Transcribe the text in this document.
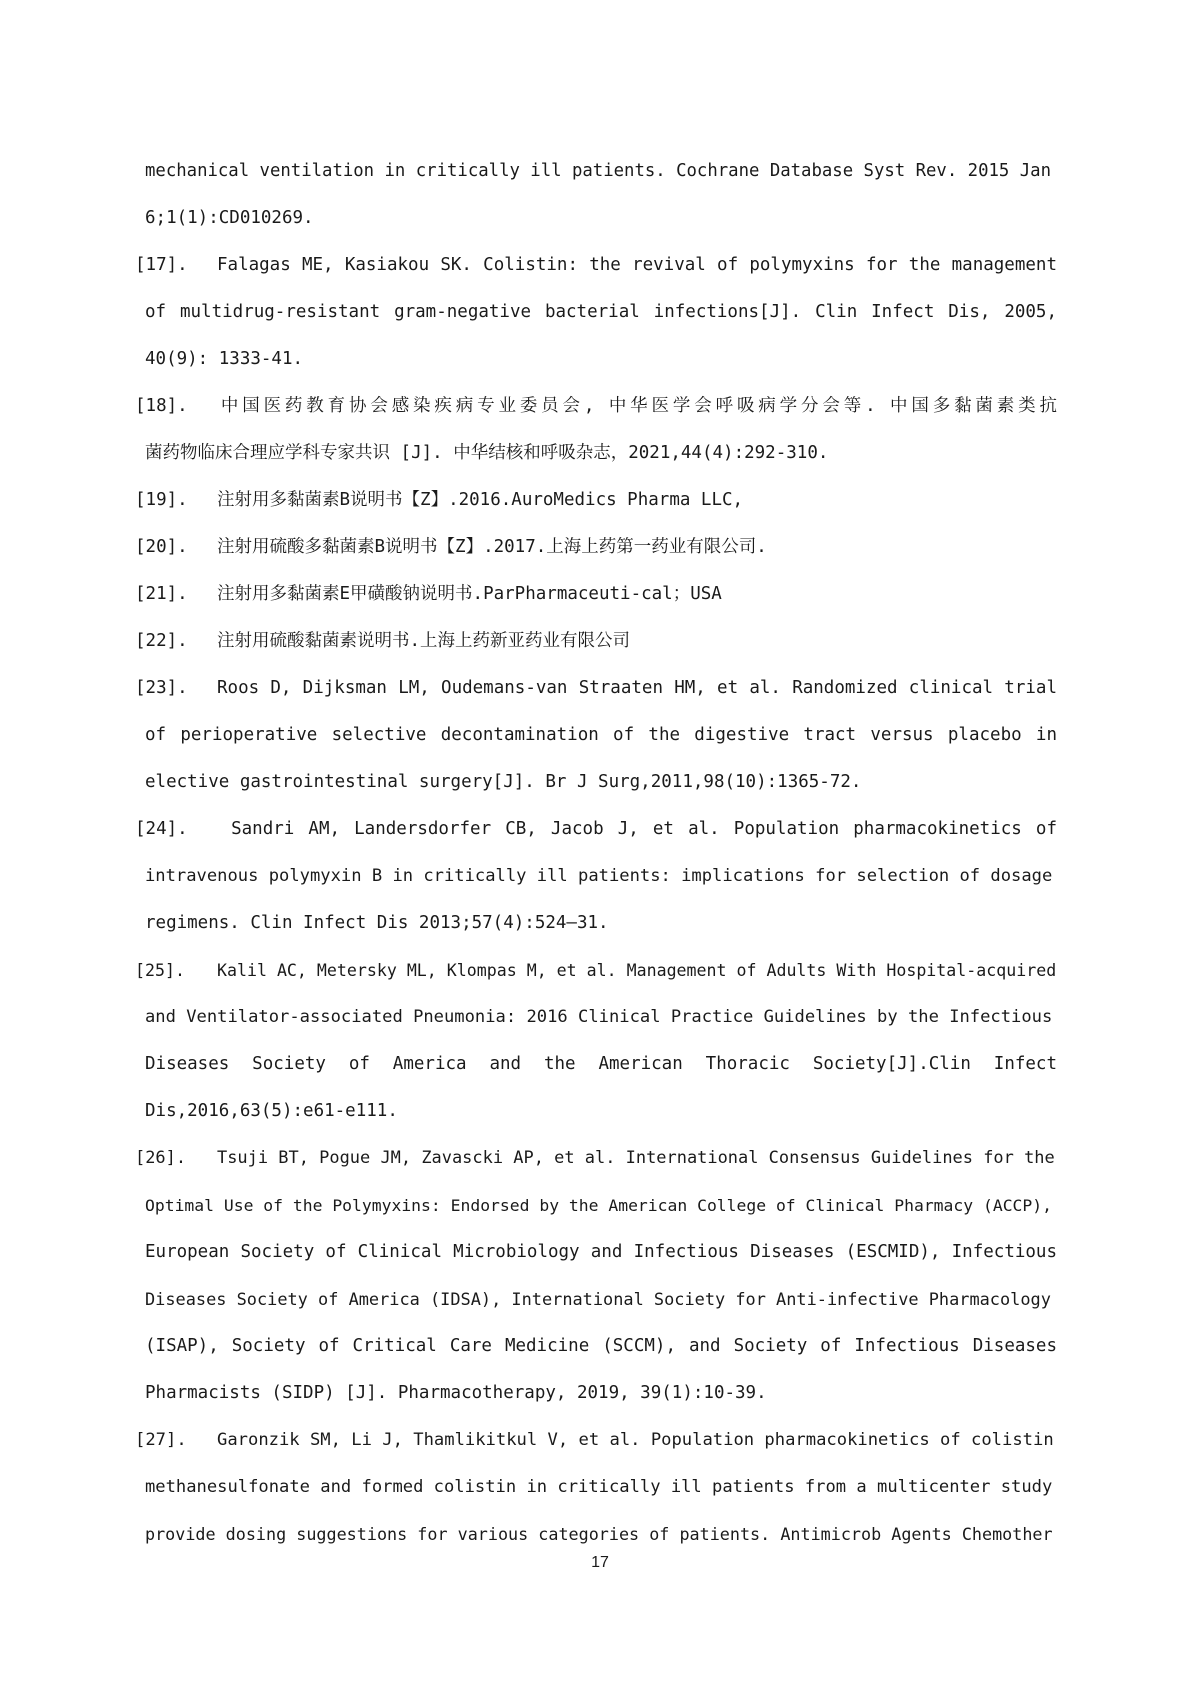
mechanical ventilation in critically ill patients. Cochrane Database Syst Rev. 2015 Jan
6;1(1):CD010269.
[17]. Falagas ME, Kasiakou SK. Colistin: the revival of polymyxins for the management
of multidrug-resistant gram-negative bacterial infections[J]. Clin Infect Dis, 2005,
40(9): 1333-41.
[18]. 中国医药教育协会感染疾病专业委员会, 中华医学会呼吸病学分会等. 中国多黏菌素类抗
菌药物临床合理应学科专家共识 [J]. 中华结核和呼吸杂志，2021,44(4):292-310.
[19]. 注射用多黏菌素B说明书【Z】.2016.AuroMedics Pharma LLC,
[20]. 注射用硫酸多黏菌素B说明书【Z】.2017.上海上药第一药业有限公司.
[21]. 注射用多黏菌素E甲磺酸钠说明书.ParPharmaceuti-cal；USA
[22]. 注射用硫酸黏菌素说明书.上海上药新亚药业有限公司
[23]. Roos D, Dijksman LM, Oudemans-van Straaten HM, et al. Randomized clinical trial
of perioperative selective decontamination of the digestive tract versus placebo in
elective gastrointestinal surgery[J]. Br J Surg,2011,98(10):1365-72.
[24]. Sandri AM, Landersdorfer CB, Jacob J, et al. Population pharmacokinetics of
intravenous polymyxin B in critically ill patients: implications for selection of dosage
regimens. Clin Infect Dis 2013;57(4):524–31.
[25]. Kalil AC, Metersky ML, Klompas M, et al. Management of Adults With Hospital-acquired
and Ventilator-associated Pneumonia: 2016 Clinical Practice Guidelines by the Infectious
Diseases Society of America and the American Thoracic Society[J].Clin Infect
Dis,2016,63(5):e61-e111.
[26]. Tsuji BT, Pogue JM, Zavascki AP, et al. International Consensus Guidelines for the
Optimal Use of the Polymyxins: Endorsed by the American College of Clinical Pharmacy (ACCP),
European Society of Clinical Microbiology and Infectious Diseases (ESCMID), Infectious
Diseases Society of America (IDSA), International Society for Anti-infective Pharmacology
(ISAP), Society of Critical Care Medicine (SCCM), and Society of Infectious Diseases
Pharmacists (SIDP) [J]. Pharmacotherapy, 2019, 39(1):10-39.
[27]. Garonzik SM, Li J, Thamlikitkul V, et al. Population pharmacokinetics of colistin
methanesulfonate and formed colistin in critically ill patients from a multicenter study
provide dosing suggestions for various categories of patients. Antimicrob Agents Chemother
17
